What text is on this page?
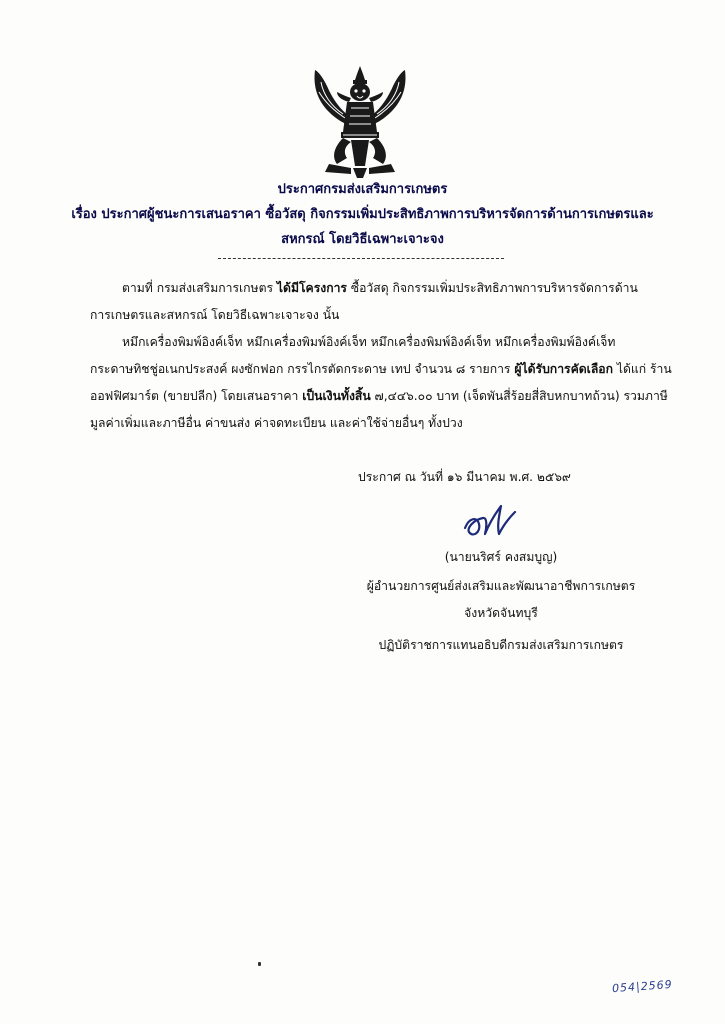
ประกาศกรมส่งเสริมการเกษตร
เรื่อง ประกาศผู้ชนะการเสนอราคา ซื้อวัสดุ กิจกรรมเพิ่มประสิทธิภาพการบริหารจัดการด้านการเกษตรและ
สหกรณ์ โดยวิธีเฉพาะเจาะจง
ตามที่ กรมส่งเสริมการเกษตร ได้มีโครงการ ซื้อวัสดุ กิจกรรมเพิ่มประสิทธิภาพการบริหารจัดการด้าน
การเกษตรและสหกรณ์ โดยวิธีเฉพาะเจาะจง นั้น
หมึกเครื่องพิมพ์อิงค์เจ็ท หมึกเครื่องพิมพ์อิงค์เจ็ท หมึกเครื่องพิมพ์อิงค์เจ็ท หมึกเครื่องพิมพ์อิงค์เจ็ท
กระดาษทิชชู่อเนกประสงค์ ผงซักฟอก กรรไกรตัดกระดาษ เทป จำนวน ๘ รายการ ผู้ได้รับการคัดเลือก ได้แก่ ร้าน
ออฟฟิศมาร์ต (ขายปลีก) โดยเสนอราคา เป็นเงินทั้งสิ้น ๗,๔๔๖.๐๐ บาท (เจ็ดพันสี่ร้อยสี่สิบหกบาทถ้วน) รวมภาษี
มูลค่าเพิ่มและภาษีอื่น ค่าขนส่ง ค่าจดทะเบียน และค่าใช้จ่ายอื่นๆ ทั้งปวง
ประกาศ ณ วันที่ ๑๖ มีนาคม พ.ศ. ๒๕๖๙
(นายนริศร์ คงสมบูญ)
ผู้อำนวยการศูนย์ส่งเสริมและพัฒนาอาชีพการเกษตร
จังหวัดจันทบุรี
ปฏิบัติราชการแทนอธิบดีกรมส่งเสริมการเกษตร
054|2569
